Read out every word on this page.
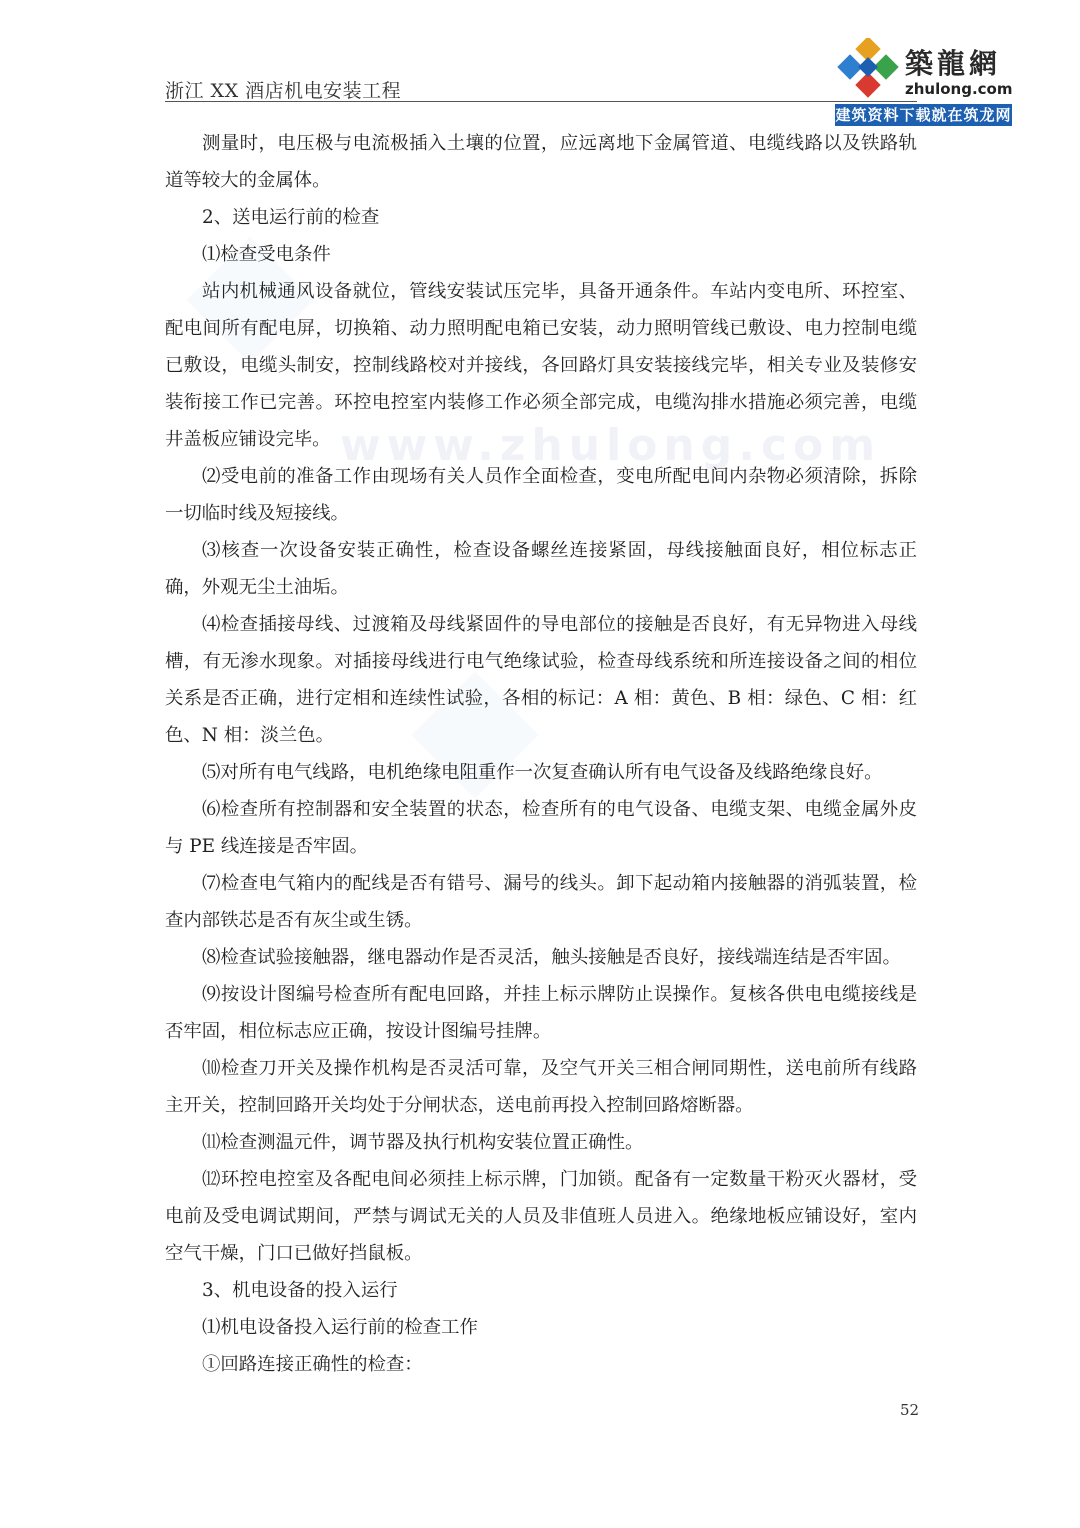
www.zhulong.com
浙江 XX 酒店机电安装工程
築龍網
zhulong.com
建筑资料下载就在筑龙网

测量时，电压极与电流极插入土壤的位置，应远离地下金属管道、电缆线路以及铁路轨道等较大的金属体。

2、送电运行前的检查

⑴检查受电条件

站内机械通风设备就位，管线安装试压完毕，具备开通条件。车站内变电所、环控室、配电间所有配电屏，切换箱、动力照明配电箱已安装，动力照明管线已敷设、电力控制电缆已敷设，电缆头制安，控制线路校对并接线，各回路灯具安装接线完毕，相关专业及装修安装衔接工作已完善。环控电控室内装修工作必须全部完成，电缆沟排水措施必须完善，电缆井盖板应铺设完毕。

⑵受电前的准备工作由现场有关人员作全面检查，变电所配电间内杂物必须清除，拆除一切临时线及短接线。

⑶核查一次设备安装正确性，检查设备螺丝连接紧固，母线接触面良好，相位标志正确，外观无尘土油垢。

⑷检查插接母线、过渡箱及母线紧固件的导电部位的接触是否良好，有无异物进入母线槽，有无渗水现象。对插接母线进行电气绝缘试验，检查母线系统和所连接设备之间的相位关系是否正确，进行定相和连续性试验，各相的标记：A 相：黄色、B 相：绿色、C 相：红色、N 相：淡兰色。

⑸对所有电气线路，电机绝缘电阻重作一次复查确认所有电气设备及线路绝缘良好。

⑹检查所有控制器和安全装置的状态，检查所有的电气设备、电缆支架、电缆金属外皮与 PE 线连接是否牢固。

⑺检查电气箱内的配线是否有错号、漏号的线头。卸下起动箱内接触器的消弧装置，检查内部铁芯是否有灰尘或生锈。

⑻检查试验接触器，继电器动作是否灵活，触头接触是否良好，接线端连结是否牢固。

⑼按设计图编号检查所有配电回路，并挂上标示牌防止误操作。复核各供电电缆接线是否牢固，相位标志应正确，按设计图编号挂牌。

⑽检查刀开关及操作机构是否灵活可靠，及空气开关三相合闸同期性，送电前所有线路主开关，控制回路开关均处于分闸状态，送电前再投入控制回路熔断器。

⑾检查测温元件，调节器及执行机构安装位置正确性。

⑿环控电控室及各配电间必须挂上标示牌，门加锁。配备有一定数量干粉灭火器材，受电前及受电调试期间，严禁与调试无关的人员及非值班人员进入。绝缘地板应铺设好，室内空气干燥，门口已做好挡鼠板。

3、机电设备的投入运行

⑴机电设备投入运行前的检查工作

①回路连接正确性的检查：

52
